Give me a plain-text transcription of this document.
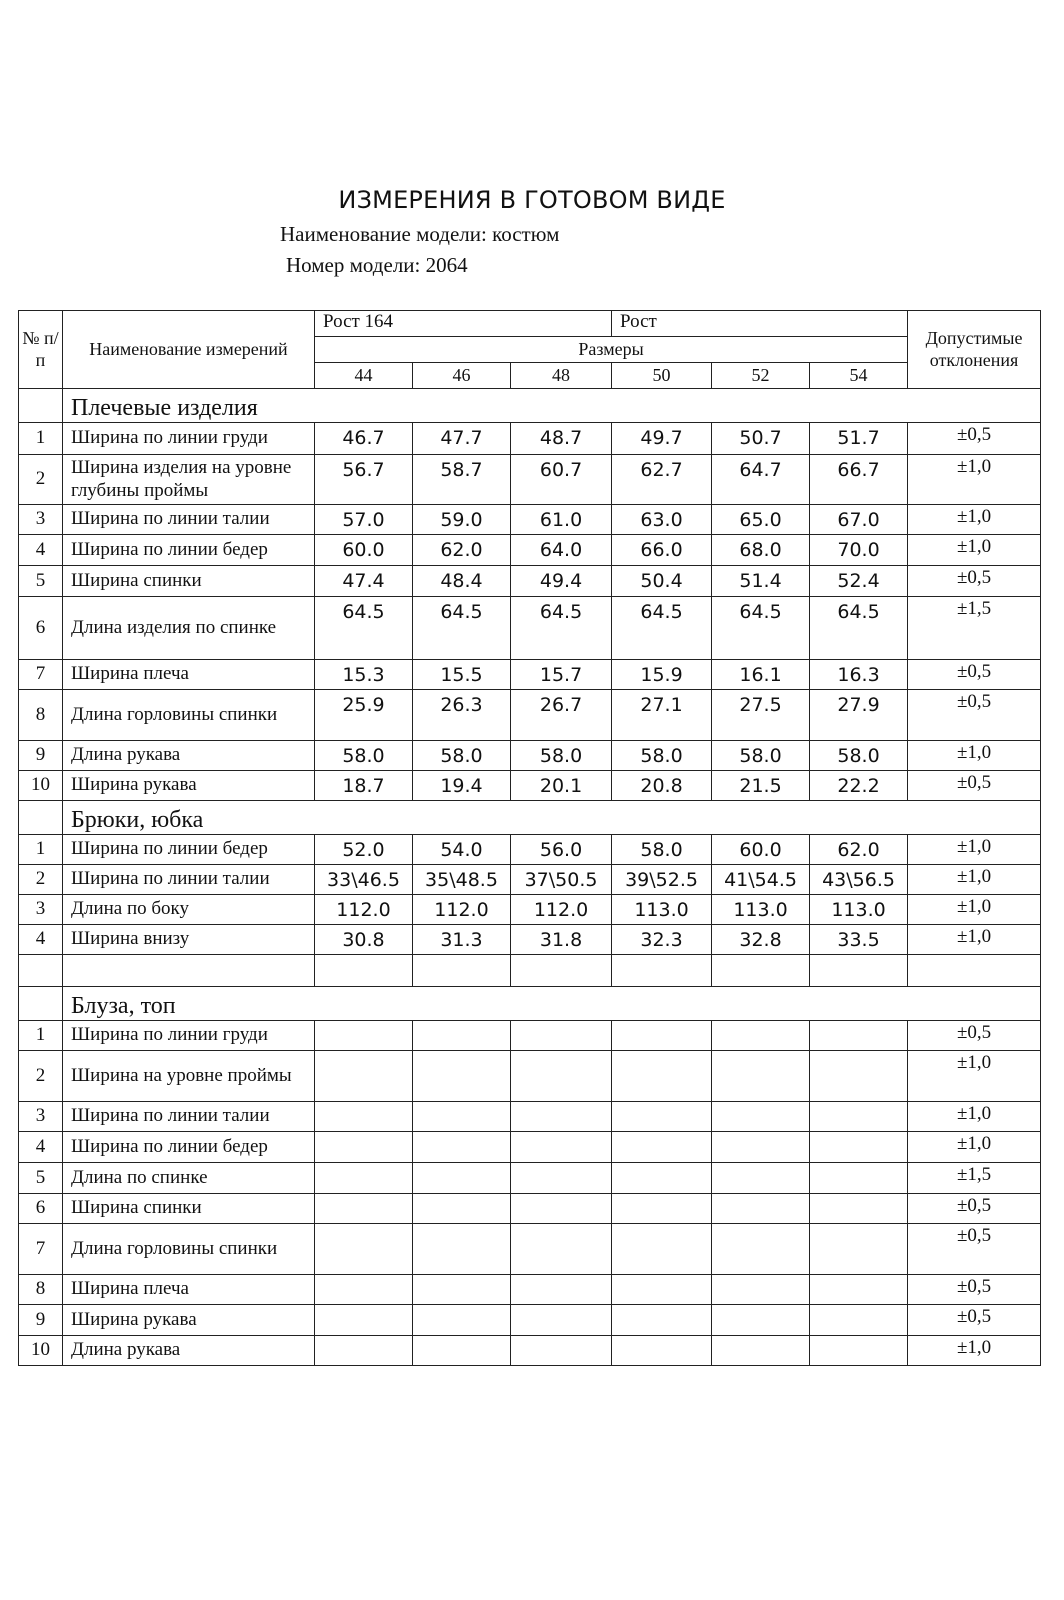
ИЗМЕРЕНИЯ В ГОТОВОМ ВИДЕ
Наименование модели: костюм
Номер модели: 2064
№ п/ п	Наименование измерений	Рост 164			Рост			Допустимые отклонения
		Размеры						
		44	46	48	50	52	54	
	Плечевые изделия							
1	Ширина по линии груди	46.7	47.7	48.7	49.7	50.7	51.7	±0,5
2	Ширина изделия на уровне глубины проймы	56.7	58.7	60.7	62.7	64.7	66.7	±1,0
3	Ширина по линии талии	57.0	59.0	61.0	63.0	65.0	67.0	±1,0
4	Ширина по линии бедер	60.0	62.0	64.0	66.0	68.0	70.0	±1,0
5	Ширина спинки	47.4	48.4	49.4	50.4	51.4	52.4	±0,5
6	Длина изделия по спинке	64.5	64.5	64.5	64.5	64.5	64.5	±1,5
7	Ширина плеча	15.3	15.5	15.7	15.9	16.1	16.3	±0,5
8	Длина горловины спинки	25.9	26.3	26.7	27.1	27.5	27.9	±0,5
9	Длина рукава	58.0	58.0	58.0	58.0	58.0	58.0	±1,0
10	Ширина рукава	18.7	19.4	20.1	20.8	21.5	22.2	±0,5
	Брюки, юбка							
1	Ширина по линии бедер	52.0	54.0	56.0	58.0	60.0	62.0	±1,0
2	Ширина по линии талии	33\46.5	35\48.5	37\50.5	39\52.5	41\54.5	43\56.5	±1,0
3	Длина по боку	112.0	112.0	112.0	113.0	113.0	113.0	±1,0
4	Ширина внизу	30.8	31.3	31.8	32.3	32.8	33.5	±1,0

	Блуза, топ							
1	Ширина по линии груди							±0,5
2	Ширина на уровне проймы							±1,0
3	Ширина по линии талии							±1,0
4	Ширина по линии бедер							±1,0
5	Длина по спинке							±1,5
6	Ширина спинки							±0,5
7	Длина горловины спинки							±0,5
8	Ширина плеча							±0,5
9	Ширина рукава							±0,5
10	Длина рукава							±1,0
